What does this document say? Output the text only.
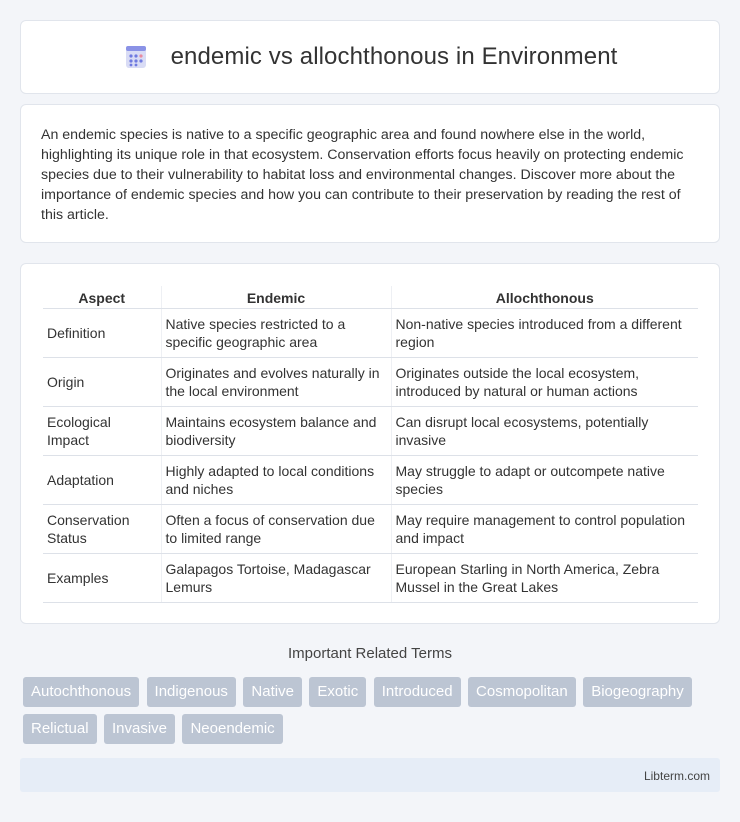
endemic vs allochthonous in Environment

An endemic species is native to a specific geographic area and found nowhere else in the world, highlighting its unique role in that ecosystem. Conservation efforts focus heavily on protecting endemic species due to their vulnerability to habitat loss and environmental changes. Discover more about the importance of endemic species and how you can contribute to their preservation by reading the rest of this article.

Aspect	Endemic	Allochthonous
Definition	Native species restricted to a specific geographic area	Non-native species introduced from a different region
Origin	Originates and evolves naturally in the local environment	Originates outside the local ecosystem, introduced by natural or human actions
Ecological Impact	Maintains ecosystem balance and biodiversity	Can disrupt local ecosystems, potentially invasive
Adaptation	Highly adapted to local conditions and niches	May struggle to adapt or outcompete native species
Conservation Status	Often a focus of conservation due to limited range	May require management to control population and impact
Examples	Galapagos Tortoise, Madagascar Lemurs	European Starling in North America, Zebra Mussel in the Great Lakes
Important Related Terms
Autochthonous Indigenous Native Exotic Introduced Cosmopolitan Biogeography Relictual Invasive Neoendemic
Libterm.com
